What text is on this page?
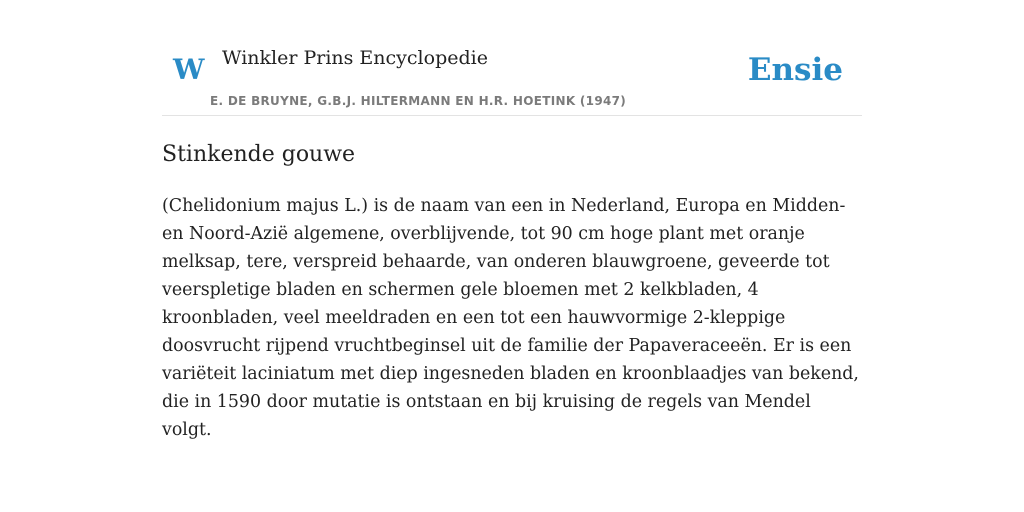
W Winkler Prins Encyclopedie
E. DE BRUYNE, G.B.J. HILTERMANN EN H.R. HOETINK (1947)
Ensie
Stinkende gouwe

(Chelidonium majus L.) is de naam van een in Nederland, Europa en Midden- en Noord-Azië algemene, overblijvende, tot 90 cm hoge plant met oranje melksap, tere, verspreid behaarde, van onderen blauwgroene, geveerde tot veerspletige bladen en schermen gele bloemen met 2 kelkbladen, 4 kroonbladen, veel meeldraden en een tot een hauwvormige 2-kleppige doosvrucht rijpend vruchtbeginsel uit de familie der Papaveraceeën. Er is een variëteit laciniatum met diep ingesneden bladen en kroonblaadjes van bekend, die in 1590 door mutatie is ontstaan en bij kruising de regels van Mendel volgt.
